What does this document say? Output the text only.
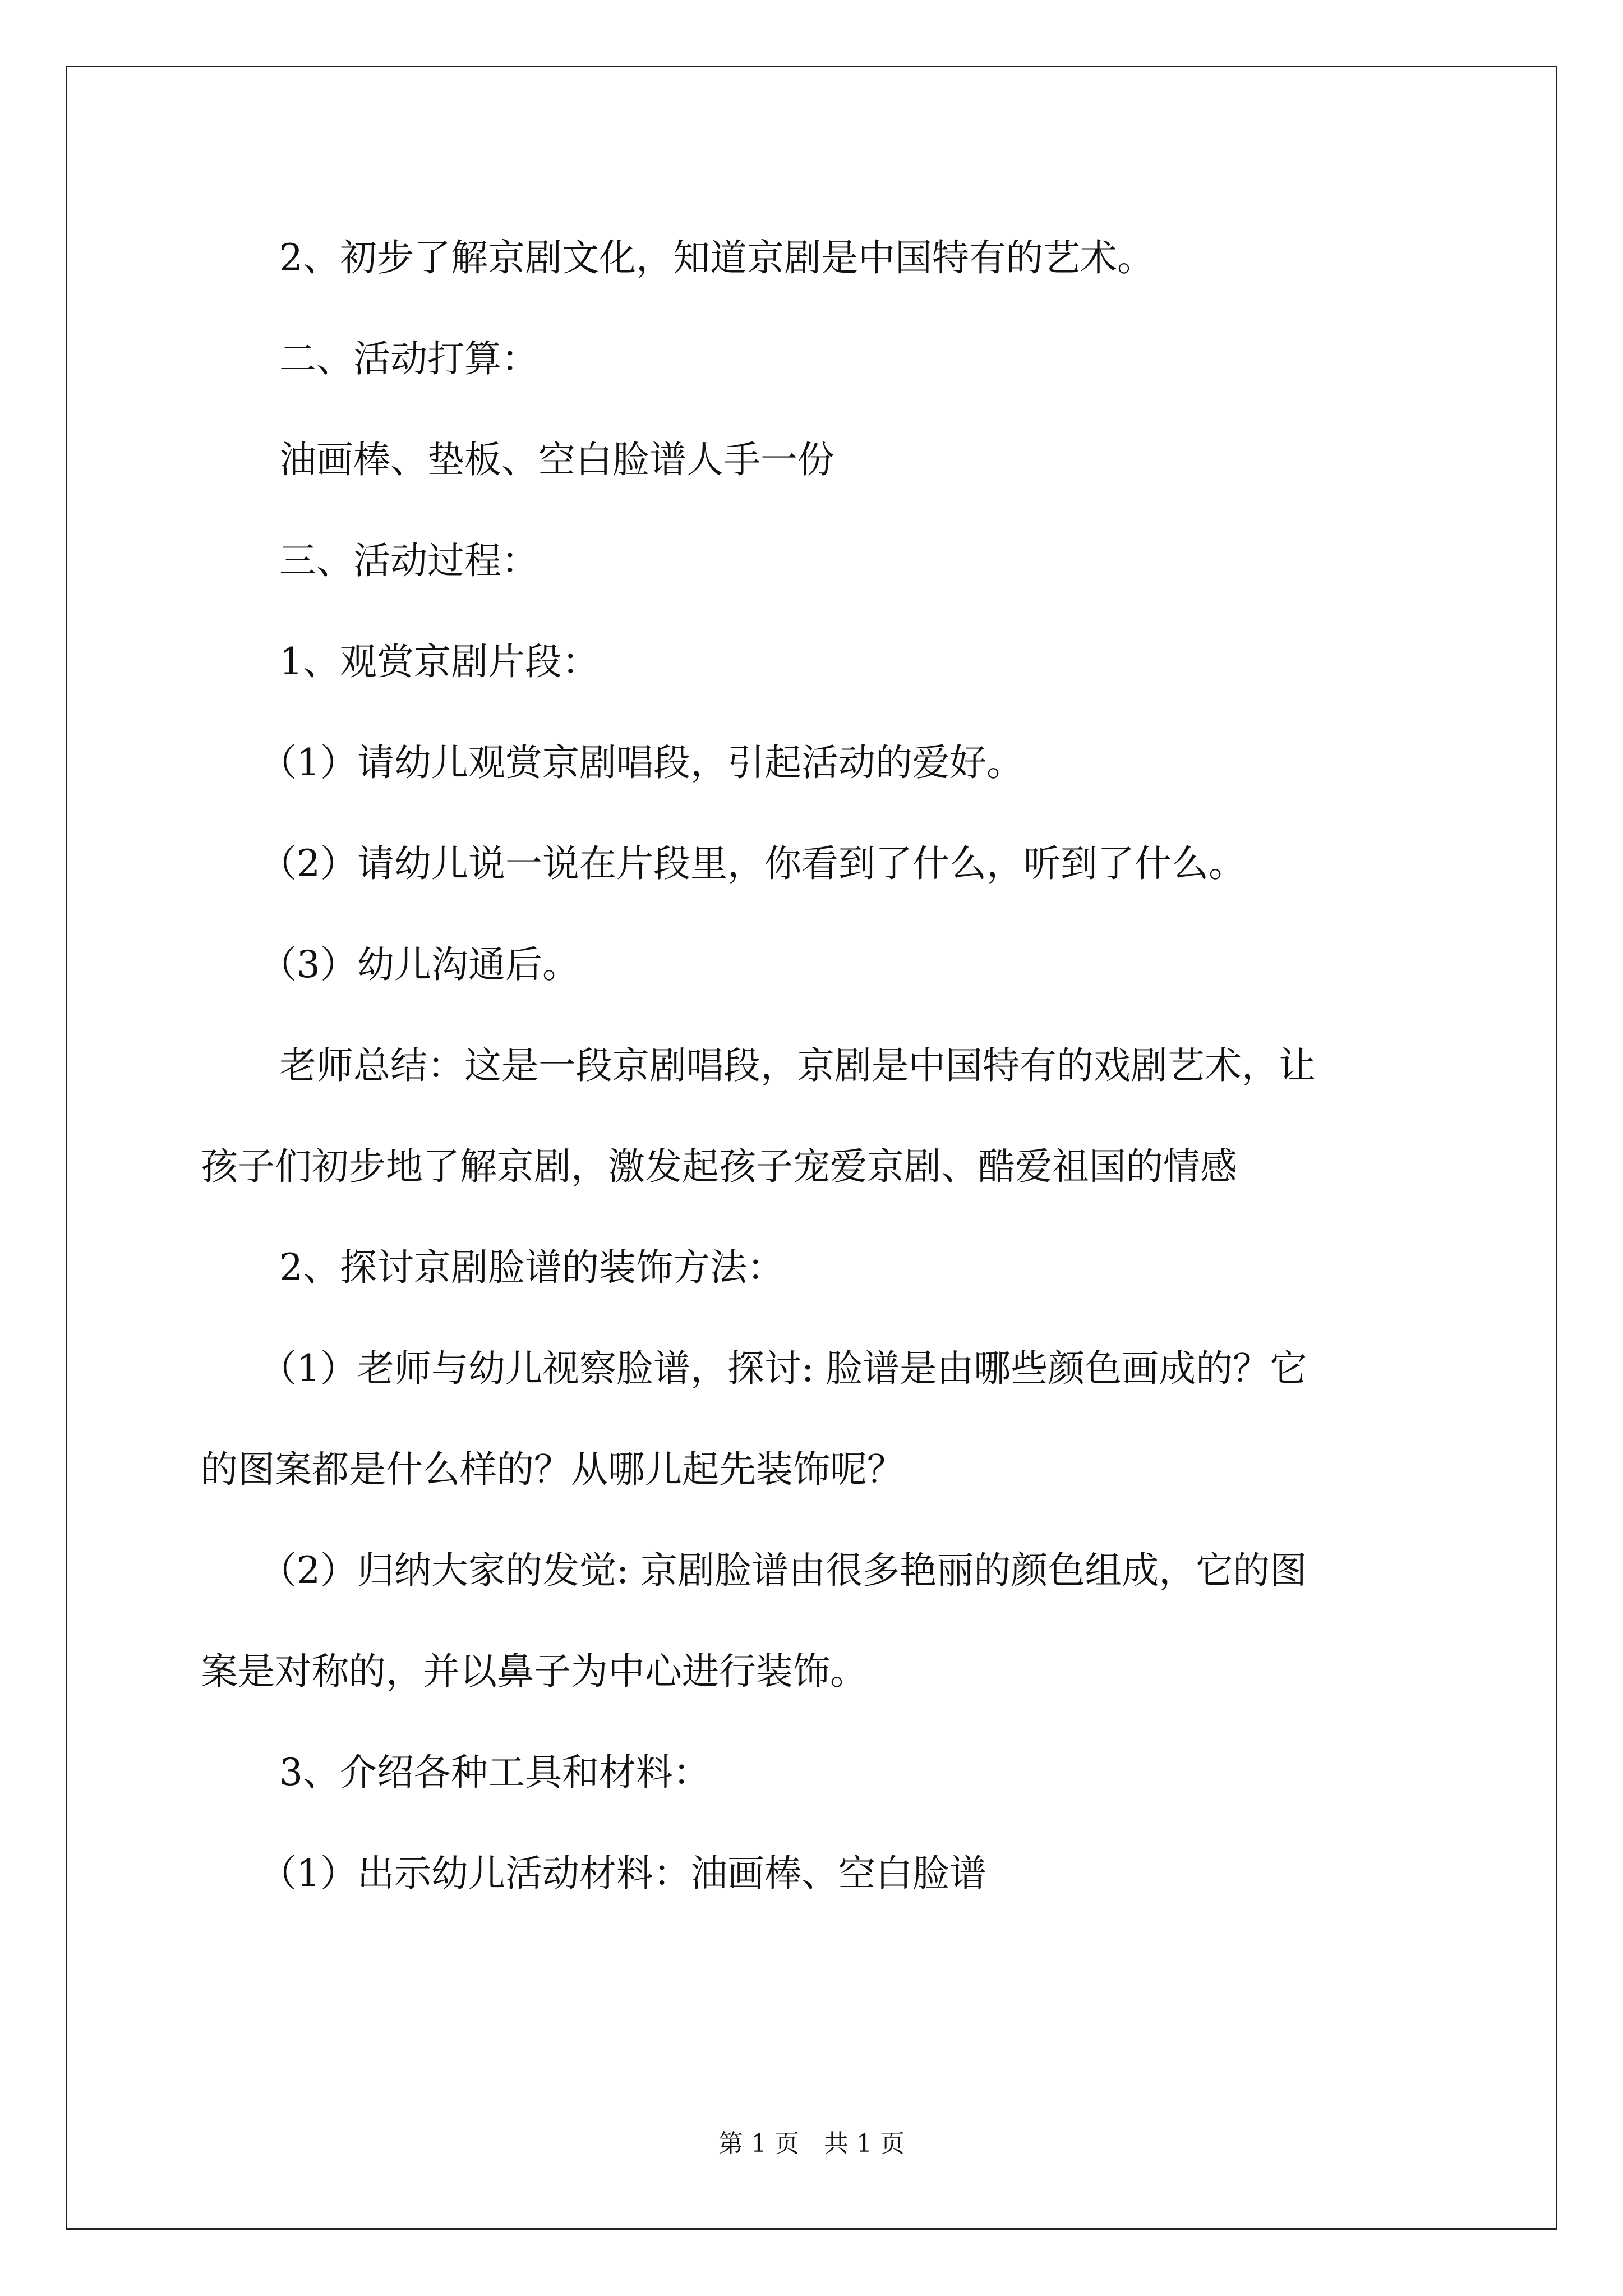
2、初步了解京剧文化，知道京剧是中国特有的艺术。

二、活动打算：

油画棒、垫板、空白脸谱人手一份

三、活动过程：

1、观赏京剧片段：

（1）请幼儿观赏京剧唱段，引起活动的爱好。

（2）请幼儿说一说在片段里，你看到了什么，听到了什么。

（3）幼儿沟通后。

老师总结：这是一段京剧唱段，京剧是中国特有的戏剧艺术，让

孩子们初步地了解京剧，激发起孩子宠爱京剧、酷爱祖国的情感

2、探讨京剧脸谱的装饰方法：

（1）老师与幼儿视察脸谱，探讨: 脸谱是由哪些颜色画成的？它

的图案都是什么样的？从哪儿起先装饰呢？

（2）归纳大家的发觉: 京剧脸谱由很多艳丽的颜色组成，它的图

案是对称的，并以鼻子为中心进行装饰。

3、介绍各种工具和材料：

（1）出示幼儿活动材料：油画棒、空白脸谱

第 1 页　共 1 页
